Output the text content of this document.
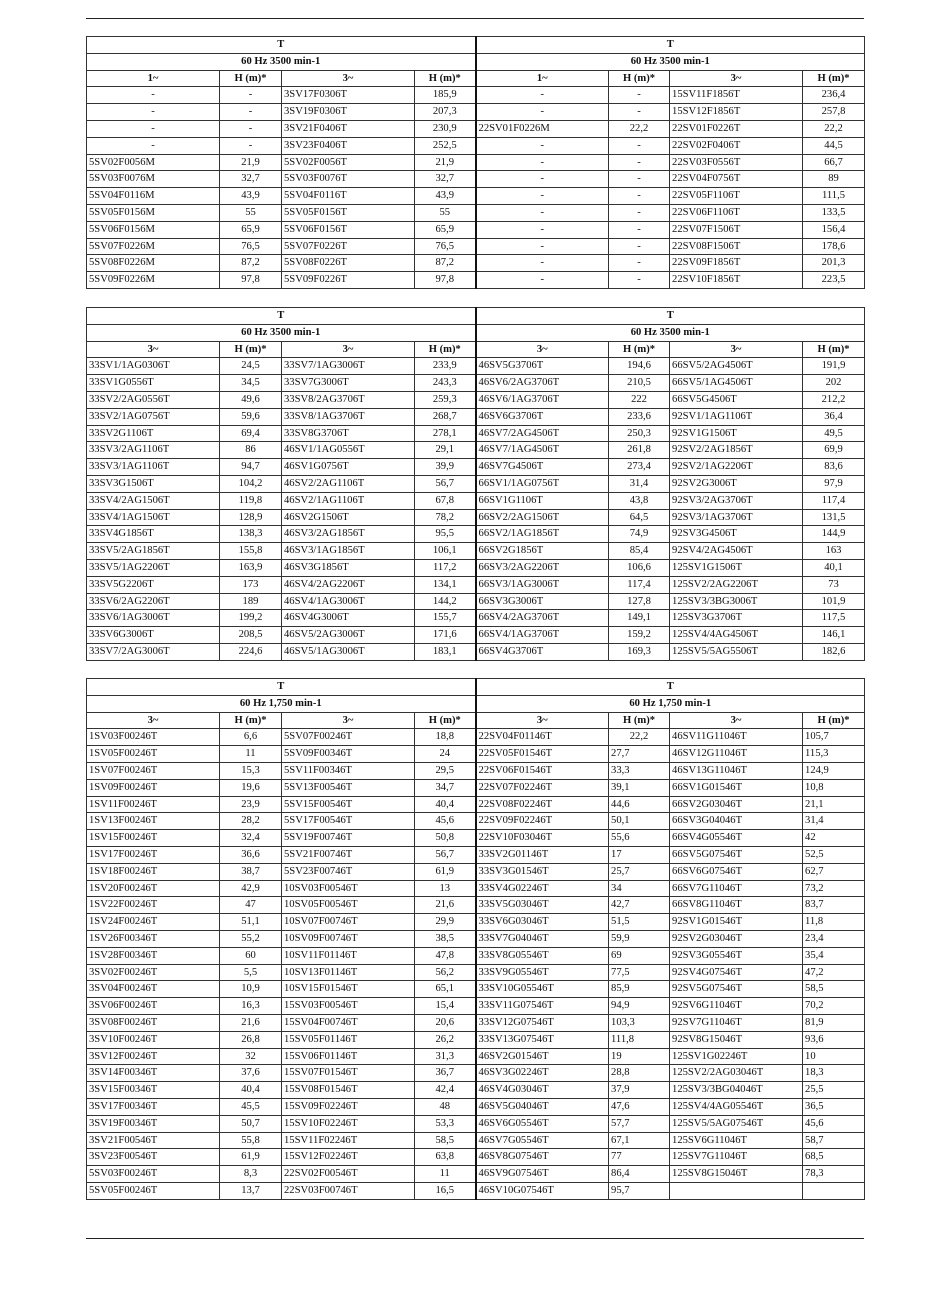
T				T			
60 Hz 3500 min-1				60 Hz 3500 min-1			
1~	H (m)*	3~	H (m)*	1~	H (m)*	3~	H (m)*
-	-	3SV17F0306T	185,9	-	-	15SV11F1856T	236,4
-	-	3SV19F0306T	207,3	-	-	15SV12F1856T	257,8
-	-	3SV21F0406T	230,9	22SV01F0226M	22,2	22SV01F0226T	22,2
-	-	3SV23F0406T	252,5	-	-	22SV02F0406T	44,5
5SV02F0056M	21,9	5SV02F0056T	21,9	-	-	22SV03F0556T	66,7
5SV03F0076M	32,7	5SV03F0076T	32,7	-	-	22SV04F0756T	89
5SV04F0116M	43,9	5SV04F0116T	43,9	-	-	22SV05F1106T	111,5
5SV05F0156M	55	5SV05F0156T	55	-	-	22SV06F1106T	133,5
5SV06F0156M	65,9	5SV06F0156T	65,9	-	-	22SV07F1506T	156,4
5SV07F0226M	76,5	5SV07F0226T	76,5	-	-	22SV08F1506T	178,6
5SV08F0226M	87,2	5SV08F0226T	87,2	-	-	22SV09F1856T	201,3
5SV09F0226M	97,8	5SV09F0226T	97,8	-	-	22SV10F1856T	223,5
T				T			
60 Hz 3500 min-1				60 Hz 3500 min-1			
3~	H (m)*	3~	H (m)*	3~	H (m)*	3~	H (m)*
33SV1/1AG0306T	24,5	33SV7/1AG3006T	233,9	46SV5G3706T	194,6	66SV5/2AG4506T	191,9
33SV1G0556T	34,5	33SV7G3006T	243,3	46SV6/2AG3706T	210,5	66SV5/1AG4506T	202
33SV2/2AG0556T	49,6	33SV8/2AG3706T	259,3	46SV6/1AG3706T	222	66SV5G4506T	212,2
33SV2/1AG0756T	59,6	33SV8/1AG3706T	268,7	46SV6G3706T	233,6	92SV1/1AG1106T	36,4
33SV2G1106T	69,4	33SV8G3706T	278,1	46SV7/2AG4506T	250,3	92SV1G1506T	49,5
33SV3/2AG1106T	86	46SV1/1AG0556T	29,1	46SV7/1AG4506T	261,8	92SV2/2AG1856T	69,9
33SV3/1AG1106T	94,7	46SV1G0756T	39,9	46SV7G4506T	273,4	92SV2/1AG2206T	83,6
33SV3G1506T	104,2	46SV2/2AG1106T	56,7	66SV1/1AG0756T	31,4	92SV2G3006T	97,9
33SV4/2AG1506T	119,8	46SV2/1AG1106T	67,8	66SV1G1106T	43,8	92SV3/2AG3706T	117,4
33SV4/1AG1506T	128,9	46SV2G1506T	78,2	66SV2/2AG1506T	64,5	92SV3/1AG3706T	131,5
33SV4G1856T	138,3	46SV3/2AG1856T	95,5	66SV2/1AG1856T	74,9	92SV3G4506T	144,9
33SV5/2AG1856T	155,8	46SV3/1AG1856T	106,1	66SV2G1856T	85,4	92SV4/2AG4506T	163
33SV5/1AG2206T	163,9	46SV3G1856T	117,2	66SV3/2AG2206T	106,6	125SV1G1506T	40,1
33SV5G2206T	173	46SV4/2AG2206T	134,1	66SV3/1AG3006T	117,4	125SV2/2AG2206T	73
33SV6/2AG2206T	189	46SV4/1AG3006T	144,2	66SV3G3006T	127,8	125SV3/3BG3006T	101,9
33SV6/1AG3006T	199,2	46SV4G3006T	155,7	66SV4/2AG3706T	149,1	125SV3G3706T	117,5
33SV6G3006T	208,5	46SV5/2AG3006T	171,6	66SV4/1AG3706T	159,2	125SV4/4AG4506T	146,1
33SV7/2AG3006T	224,6	46SV5/1AG3006T	183,1	66SV4G3706T	169,3	125SV5/5AG5506T	182,6
T				T			
60 Hz 1,750 min-1				60 Hz 1,750 min-1			
3~	H (m)*	3~	H (m)*	3~	H (m)*	3~	H (m)*
1SV03F00246T	6,6	5SV07F00246T	18,8	22SV04F01146T	22,2	46SV11G11046T	105,7
1SV05F00246T	11	5SV09F00346T	24	22SV05F01546T	27,7	46SV12G11046T	115,3
1SV07F00246T	15,3	5SV11F00346T	29,5	22SV06F01546T	33,3	46SV13G11046T	124,9
1SV09F00246T	19,6	5SV13F00546T	34,7	22SV07F02246T	39,1	66SV1G01546T	10,8
1SV11F00246T	23,9	5SV15F00546T	40,4	22SV08F02246T	44,6	66SV2G03046T	21,1
1SV13F00246T	28,2	5SV17F00546T	45,6	22SV09F02246T	50,1	66SV3G04046T	31,4
1SV15F00246T	32,4	5SV19F00746T	50,8	22SV10F03046T	55,6	66SV4G05546T	42
1SV17F00246T	36,6	5SV21F00746T	56,7	33SV2G01146T	17	66SV5G07546T	52,5
1SV18F00246T	38,7	5SV23F00746T	61,9	33SV3G01546T	25,7	66SV6G07546T	62,7
1SV20F00246T	42,9	10SV03F00546T	13	33SV4G02246T	34	66SV7G11046T	73,2
1SV22F00246T	47	10SV05F00546T	21,6	33SV5G03046T	42,7	66SV8G11046T	83,7
1SV24F00246T	51,1	10SV07F00746T	29,9	33SV6G03046T	51,5	92SV1G01546T	11,8
1SV26F00346T	55,2	10SV09F00746T	38,5	33SV7G04046T	59,9	92SV2G03046T	23,4
1SV28F00346T	60	10SV11F01146T	47,8	33SV8G05546T	69	92SV3G05546T	35,4
3SV02F00246T	5,5	10SV13F01146T	56,2	33SV9G05546T	77,5	92SV4G07546T	47,2
3SV04F00246T	10,9	10SV15F01546T	65,1	33SV10G05546T	85,9	92SV5G07546T	58,5
3SV06F00246T	16,3	15SV03F00546T	15,4	33SV11G07546T	94,9	92SV6G11046T	70,2
3SV08F00246T	21,6	15SV04F00746T	20,6	33SV12G07546T	103,3	92SV7G11046T	81,9
3SV10F00246T	26,8	15SV05F01146T	26,2	33SV13G07546T	111,8	92SV8G15046T	93,6
3SV12F00246T	32	15SV06F01146T	31,3	46SV2G01546T	19	125SV1G02246T	10
3SV14F00346T	37,6	15SV07F01546T	36,7	46SV3G02246T	28,8	125SV2/2AG03046T	18,3
3SV15F00346T	40,4	15SV08F01546T	42,4	46SV4G03046T	37,9	125SV3/3BG04046T	25,5
3SV17F00346T	45,5	15SV09F02246T	48	46SV5G04046T	47,6	125SV4/4AG05546T	36,5
3SV19F00346T	50,7	15SV10F02246T	53,3	46SV6G05546T	57,7	125SV5/5AG07546T	45,6
3SV21F00546T	55,8	15SV11F02246T	58,5	46SV7G05546T	67,1	125SV6G11046T	58,7
3SV23F00546T	61,9	15SV12F02246T	63,8	46SV8G07546T	77	125SV7G11046T	68,5
5SV03F00246T	8,3	22SV02F00546T	11	46SV9G07546T	86,4	125SV8G15046T	78,3
5SV05F00246T	13,7	22SV03F00746T	16,5	46SV10G07546T	95,7		
